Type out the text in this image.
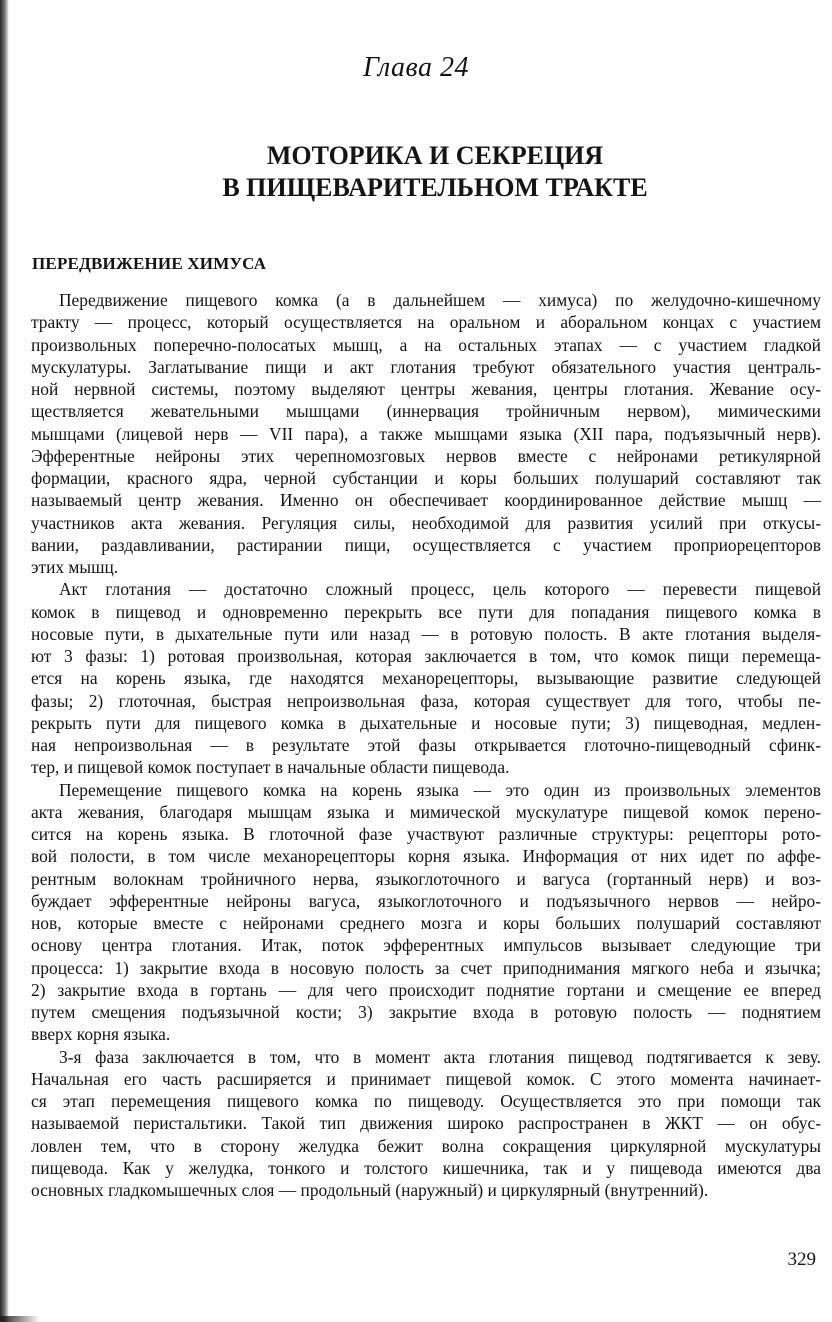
Глава 24
МОТОРИКА И СЕКРЕЦИЯ
В ПИЩЕВАРИТЕЛЬНОМ ТРАКТЕ
ПЕРЕДВИЖЕНИЕ ХИМУСА
Передвижение пищевого комка (а в дальнейшем — химуса) по желудочно-кишечному
тракту — процесс, который осуществляется на оральном и аборальном концах с участием
произвольных поперечно-полосатых мышц, а на остальных этапах — с участием гладкой
мускулатуры. Заглатывание пищи и акт глотания требуют обязательного участия централь-
ной нервной системы, поэтому выделяют центры жевания, центры глотания. Жевание осу-
ществляется жевательными мышцами (иннервация тройничным нервом), мимическими
мышцами (лицевой нерв — VII пара), а также мышцами языка (XII пара, подъязычный нерв).
Эфферентные нейроны этих черепномозговых нервов вместе с нейронами ретикулярной
формации, красного ядра, черной субстанции и коры больших полушарий составляют так
называемый центр жевания. Именно он обеспечивает координированное действие мышц —
участников акта жевания. Регуляция силы, необходимой для развития усилий при откусы-
вании, раздавливании, растирании пищи, осуществляется с участием проприорецепторов
этих мышц.
Акт глотания — достаточно сложный процесс, цель которого — перевести пищевой
комок в пищевод и одновременно перекрыть все пути для попадания пищевого комка в
носовые пути, в дыхательные пути или назад — в ротовую полость. В акте глотания выделя-
ют 3 фазы: 1) ротовая произвольная, которая заключается в том, что комок пищи перемеща-
ется на корень языка, где находятся механорецепторы, вызывающие развитие следующей
фазы; 2) глоточная, быстрая непроизвольная фаза, которая существует для того, чтобы пе-
рекрыть пути для пищевого комка в дыхательные и носовые пути; 3) пищеводная, медлен-
ная непроизвольная — в результате этой фазы открывается глоточно-пищеводный сфинк-
тер, и пищевой комок поступает в начальные области пищевода.
Перемещение пищевого комка на корень языка — это один из произвольных элементов
акта жевания, благодаря мышцам языка и мимической мускулатуре пищевой комок перено-
сится на корень языка. В глоточной фазе участвуют различные структуры: рецепторы рото-
вой полости, в том числе механорецепторы корня языка. Информация от них идет по аффе-
рентным волокнам тройничного нерва, языкоглоточного и вагуса (гортанный нерв) и воз-
буждает эфферентные нейроны вагуса, языкоглоточного и подъязычного нервов — нейро-
нов, которые вместе с нейронами среднего мозга и коры больших полушарий составляют
основу центра глотания. Итак, поток эфферентных импульсов вызывает следующие три
процесса: 1) закрытие входа в носовую полость за счет приподнимания мягкого неба и язычка;
2) закрытие входа в гортань — для чего происходит поднятие гортани и смещение ее вперед
путем смещения подъязычной кости; 3) закрытие входа в ротовую полость — поднятием
вверх корня языка.
3-я фаза заключается в том, что в момент акта глотания пищевод подтягивается к зеву.
Начальная его часть расширяется и принимает пищевой комок. С этого момента начинает-
ся этап перемещения пищевого комка по пищеводу. Осуществляется это при помощи так
называемой перистальтики. Такой тип движения широко распространен в ЖКТ — он обус-
ловлен тем, что в сторону желудка бежит волна сокращения циркулярной мускулатуры
пищевода. Как у желудка, тонкого и толстого кишечника, так и у пищевода имеются два
основных гладкомышечных слоя — продольный (наружный) и циркулярный (внутренний).
329
